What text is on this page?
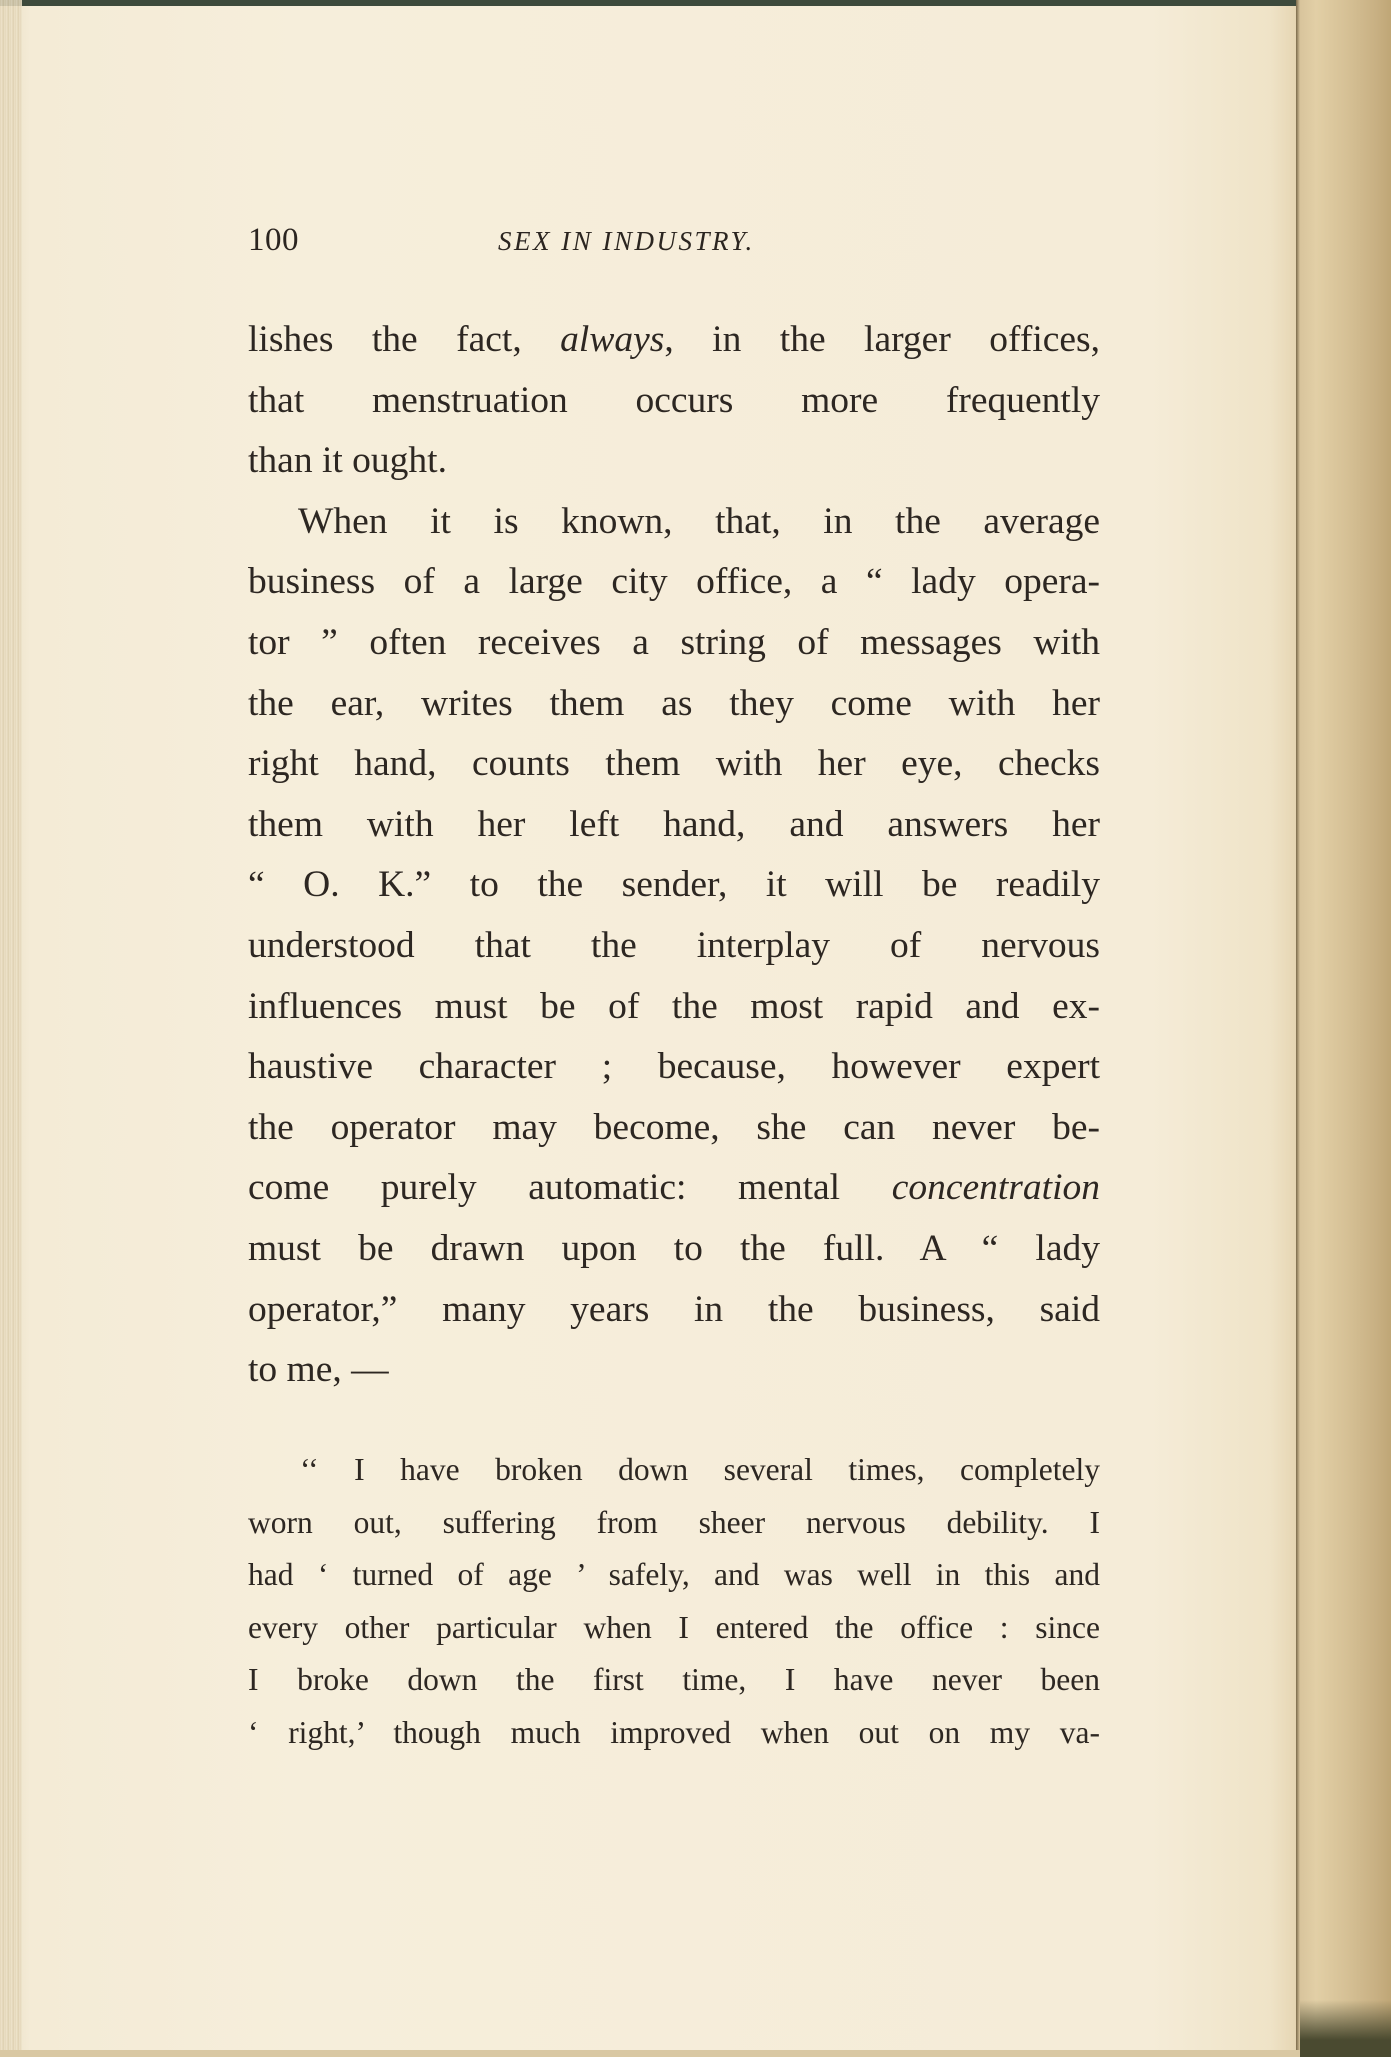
100	SEX IN INDUSTRY.
lishes the fact, always, in the larger offices,
that menstruation occurs more frequently
than it ought.
When it is known, that, in the average
business of a large city office, a “ lady opera-
tor ” often receives a string of messages with
the ear, writes them as they come with her
right hand, counts them with her eye, checks
them with her left hand, and answers her
“ O. K.” to the sender, it will be readily
understood that the interplay of nervous
influences must be of the most rapid and ex-
haustive character ; because, however expert
the operator may become, she can never be-
come purely automatic: mental concentration
must be drawn upon to the full. A “ lady
operator,” many years in the business, said
to me, —
‘‘ I have broken down several times, completely
worn out, suffering from sheer nervous debility. I
had ‘ turned of age ’ safely, and was well in this and
every other particular when I entered the office : since
I broke down the first time, I have never been
‘ right,’ though much improved when out on my va-
